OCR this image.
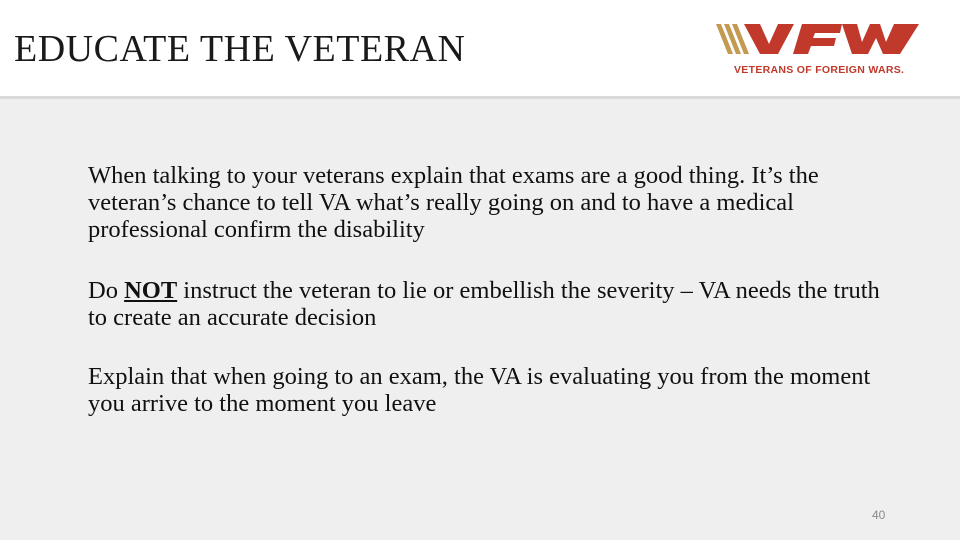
EDUCATE THE VETERAN	VETERANS OF FOREIGN WARS.

When talking to your veterans explain that exams are a good thing. It’s the veteran’s chance to tell VA what’s really going on and to have a medical professional confirm the disability

Do NOT instruct the veteran to lie or embellish the severity – VA needs the truth to create an accurate decision

Explain that when going to an exam, the VA is evaluating you from the moment you arrive to the moment you leave

40
